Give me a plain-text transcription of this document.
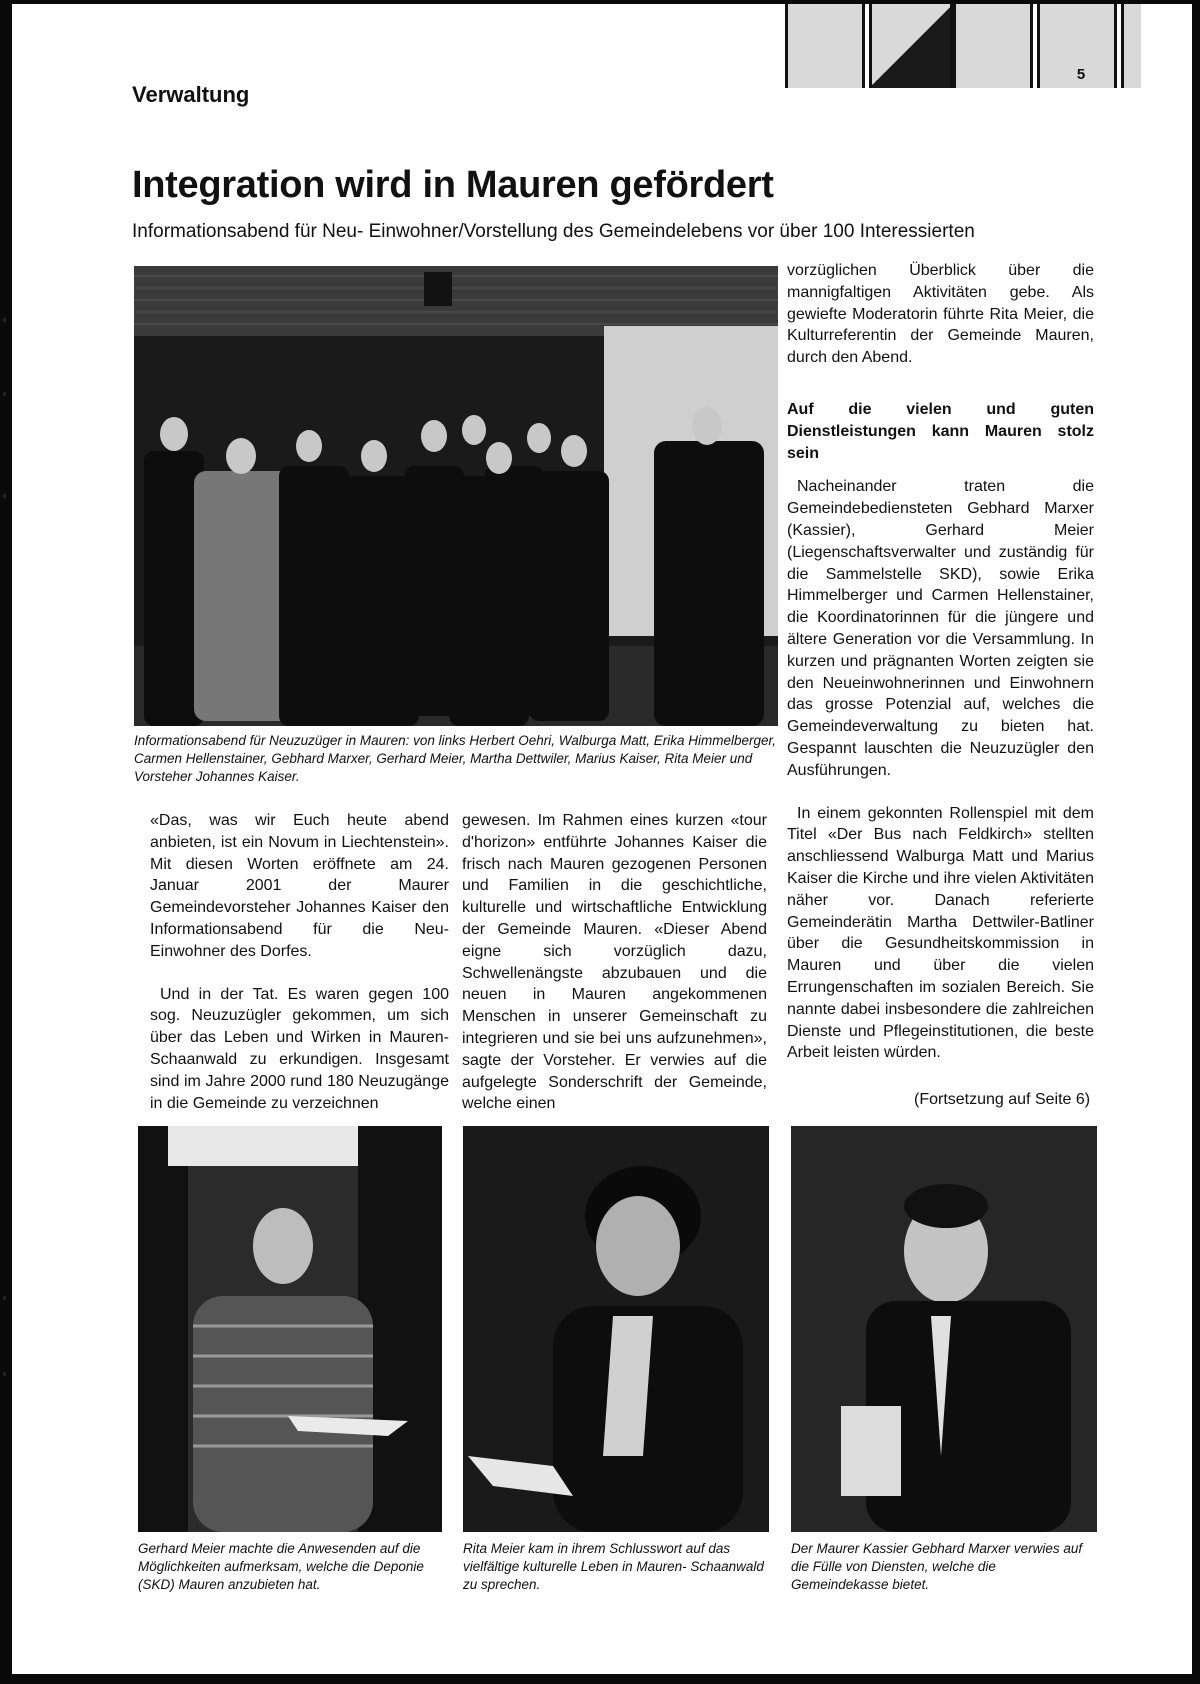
5
Verwaltung
Integration wird in Mauren gefördert

Informationsabend für Neu- Einwohner/Vorstellung des Gemeindelebens vor über 100 Interessierten

Informationsabend für Neuzuzüger in Mauren: von links Herbert Oehri, Walburga Matt, Erika Himmelberger, Carmen Hellenstainer, Gebhard Marxer, Gerhard Meier, Martha Dettwiler, Marius Kaiser, Rita Meier und Vorsteher Johannes Kaiser.

«Das, was wir Euch heute abend anbieten, ist ein Novum in Liechtenstein». Mit diesen Worten eröffnete am 24. Januar 2001 der Maurer Gemeindevorsteher Johannes Kaiser den Informationsabend für die Neu- Einwohner des Dorfes.

Und in der Tat. Es waren gegen 100 sog. Neuzuzügler gekommen, um sich über das Leben und Wirken in Mauren-Schaanwald zu erkundigen. Insgesamt sind im Jahre 2000 rund 180 Neuzugänge in die Gemeinde zu verzeichnen

gewesen. Im Rahmen eines kurzen «tour d'horizon» entführte Johannes Kaiser die frisch nach Mauren gezogenen Personen und Familien in die geschichtliche, kulturelle und wirtschaftliche Entwicklung der Gemeinde Mauren. «Dieser Abend eigne sich vorzüglich dazu, Schwellenängste abzubauen und die neuen in Mauren angekommenen Menschen in unserer Gemeinschaft zu integrieren und sie bei uns aufzunehmen», sagte der Vorsteher. Er verwies auf die aufgelegte Sonderschrift der Gemeinde, welche einen

vorzüglichen Überblick über die mannigfaltigen Aktivitäten gebe. Als gewiefte Moderatorin führte Rita Meier, die Kulturreferentin der Gemeinde Mauren, durch den Abend.

Auf die vielen und guten Dienstleistungen kann Mauren stolz sein

Nacheinander traten die Gemeindebediensteten Gebhard Marxer (Kassier), Gerhard Meier (Liegenschaftsverwalter und zuständig für die Sammelstelle SKD), sowie Erika Himmelberger und Carmen Hellenstainer, die Koordinatorinnen für die jüngere und ältere Generation vor die Versammlung. In kurzen und prägnanten Worten zeigten sie den Neueinwohnerinnen und Einwohnern das grosse Potenzial auf, welches die Gemeindeverwaltung zu bieten hat. Gespannt lauschten die Neuzuzügler den Ausführungen.

In einem gekonnten Rollenspiel mit dem Titel «Der Bus nach Feldkirch» stellten anschliessend Walburga Matt und Marius Kaiser die Kirche und ihre vielen Aktivitäten näher vor. Danach referierte Gemeinderätin Martha Dettwiler-Batliner über die Gesundheitskommission in Mauren und über die vielen Errungenschaften im sozialen Bereich. Sie nannte dabei insbesondere die zahlreichen Dienste und Pflegeinstitutionen, die beste Arbeit leisten würden.

(Fortsetzung auf Seite 6)
Gerhard Meier machte die Anwesenden auf die Möglichkeiten aufmerksam, welche die Deponie (SKD) Mauren anzubieten hat.
Rita Meier kam in ihrem Schlusswort auf das vielfältige kulturelle Leben in Mauren- Schaanwald zu sprechen.
Der Maurer Kassier Gebhard Marxer verwies auf die Fülle von Diensten, welche die Gemeindekasse bietet.
